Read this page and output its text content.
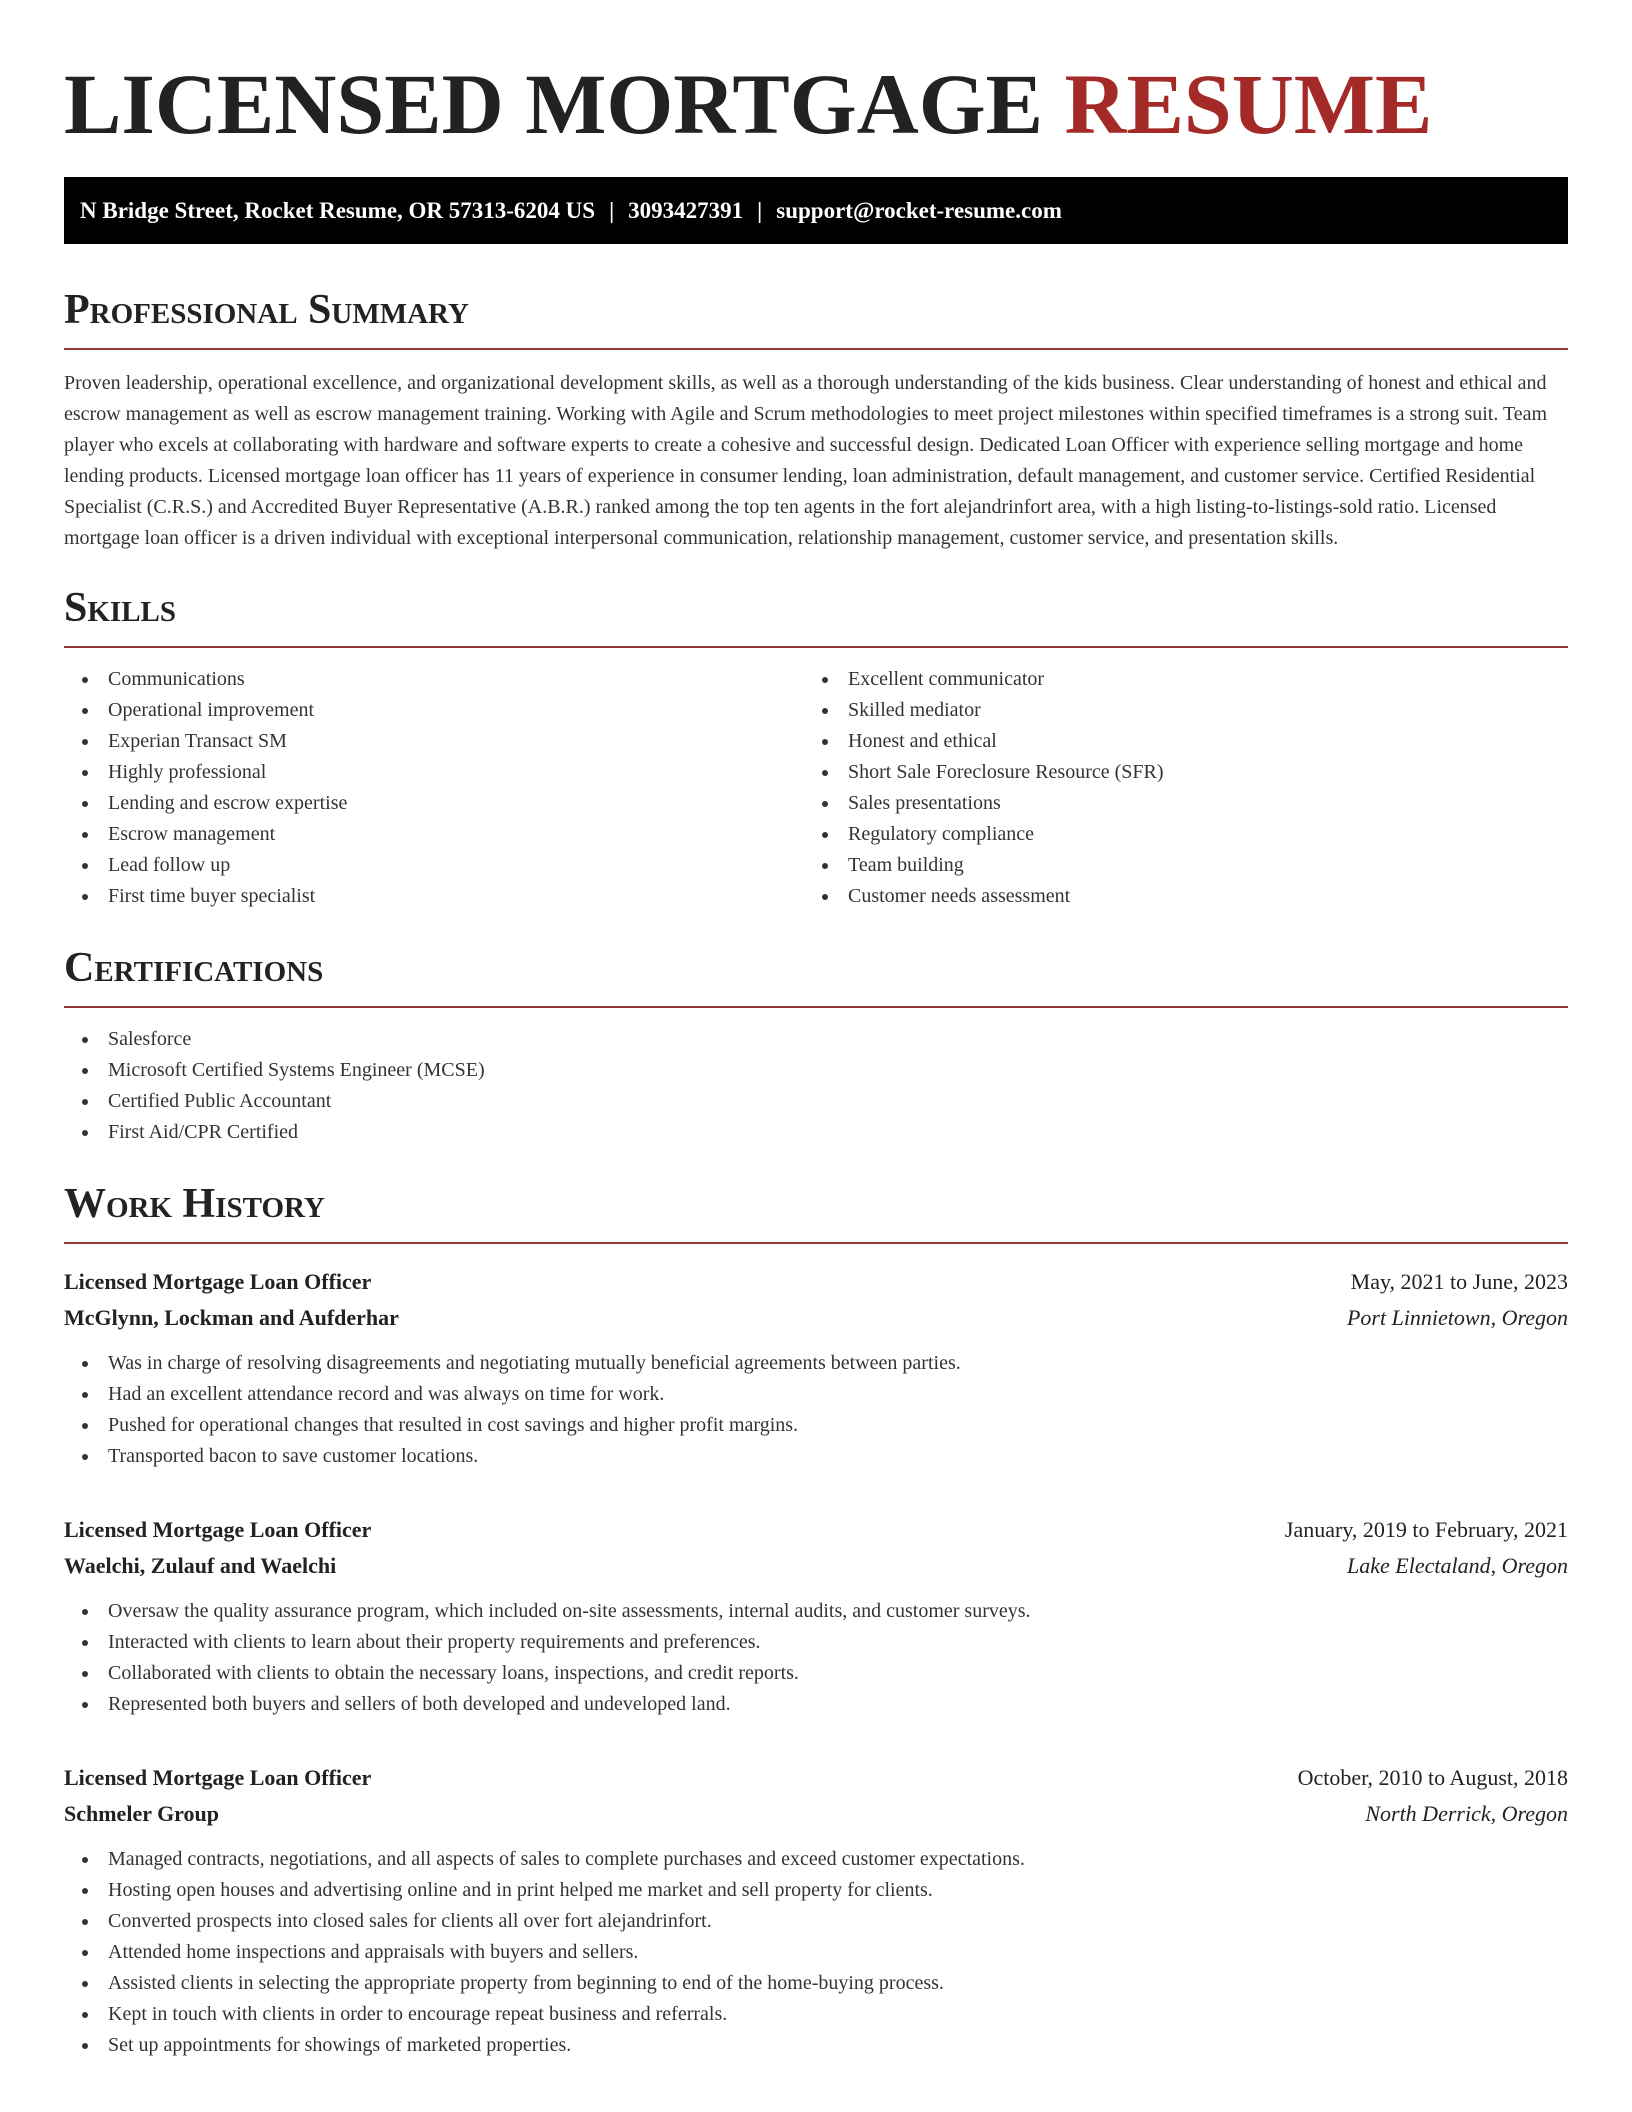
LICENSED MORTGAGE RESUME
N Bridge Street, Rocket Resume, OR 57313-6204 US | 3093427391 | support@rocket-resume.com
Professional Summary

Proven leadership, operational excellence, and organizational development skills, as well as a thorough understanding of the kids business. Clear understanding of honest and ethical and escrow management as well as escrow management training. Working with Agile and Scrum methodologies to meet project milestones within specified timeframes is a strong suit. Team player who excels at collaborating with hardware and software experts to create a cohesive and successful design. Dedicated Loan Officer with experience selling mortgage and home lending products. Licensed mortgage loan officer has 11 years of experience in consumer lending, loan administration, default management, and customer service. Certified Residential Specialist (C.R.S.) and Accredited Buyer Representative (A.B.R.) ranked among the top ten agents in the fort alejandrinfort area, with a high listing-to-listings-sold ratio. Licensed mortgage loan officer is a driven individual with exceptional interpersonal communication, relationship management, customer service, and presentation skills.

Skills
Communications
Operational improvement
Experian Transact SM
Highly professional
Lending and escrow expertise
Escrow management
Lead follow up
First time buyer specialist
Excellent communicator
Skilled mediator
Honest and ethical
Short Sale Foreclosure Resource (SFR)
Sales presentations
Regulatory compliance
Team building
Customer needs assessment
Certifications
Salesforce
Microsoft Certified Systems Engineer (MCSE)
Certified Public Accountant
First Aid/CPR Certified
Work History
Licensed Mortgage Loan Officer	May, 2021 to June, 2023
McGlynn, Lockman and Aufderhar	Port Linnietown, Oregon
Was in charge of resolving disagreements and negotiating mutually beneficial agreements between parties.
Had an excellent attendance record and was always on time for work.
Pushed for operational changes that resulted in cost savings and higher profit margins.
Transported bacon to save customer locations.
Licensed Mortgage Loan Officer	January, 2019 to February, 2021
Waelchi, Zulauf and Waelchi	Lake Electaland, Oregon
Oversaw the quality assurance program, which included on-site assessments, internal audits, and customer surveys.
Interacted with clients to learn about their property requirements and preferences.
Collaborated with clients to obtain the necessary loans, inspections, and credit reports.
Represented both buyers and sellers of both developed and undeveloped land.
Licensed Mortgage Loan Officer	October, 2010 to August, 2018
Schmeler Group	North Derrick, Oregon
Managed contracts, negotiations, and all aspects of sales to complete purchases and exceed customer expectations.
Hosting open houses and advertising online and in print helped me market and sell property for clients.
Converted prospects into closed sales for clients all over fort alejandrinfort.
Attended home inspections and appraisals with buyers and sellers.
Assisted clients in selecting the appropriate property from beginning to end of the home-buying process.
Kept in touch with clients in order to encourage repeat business and referrals.
Set up appointments for showings of marketed properties.
